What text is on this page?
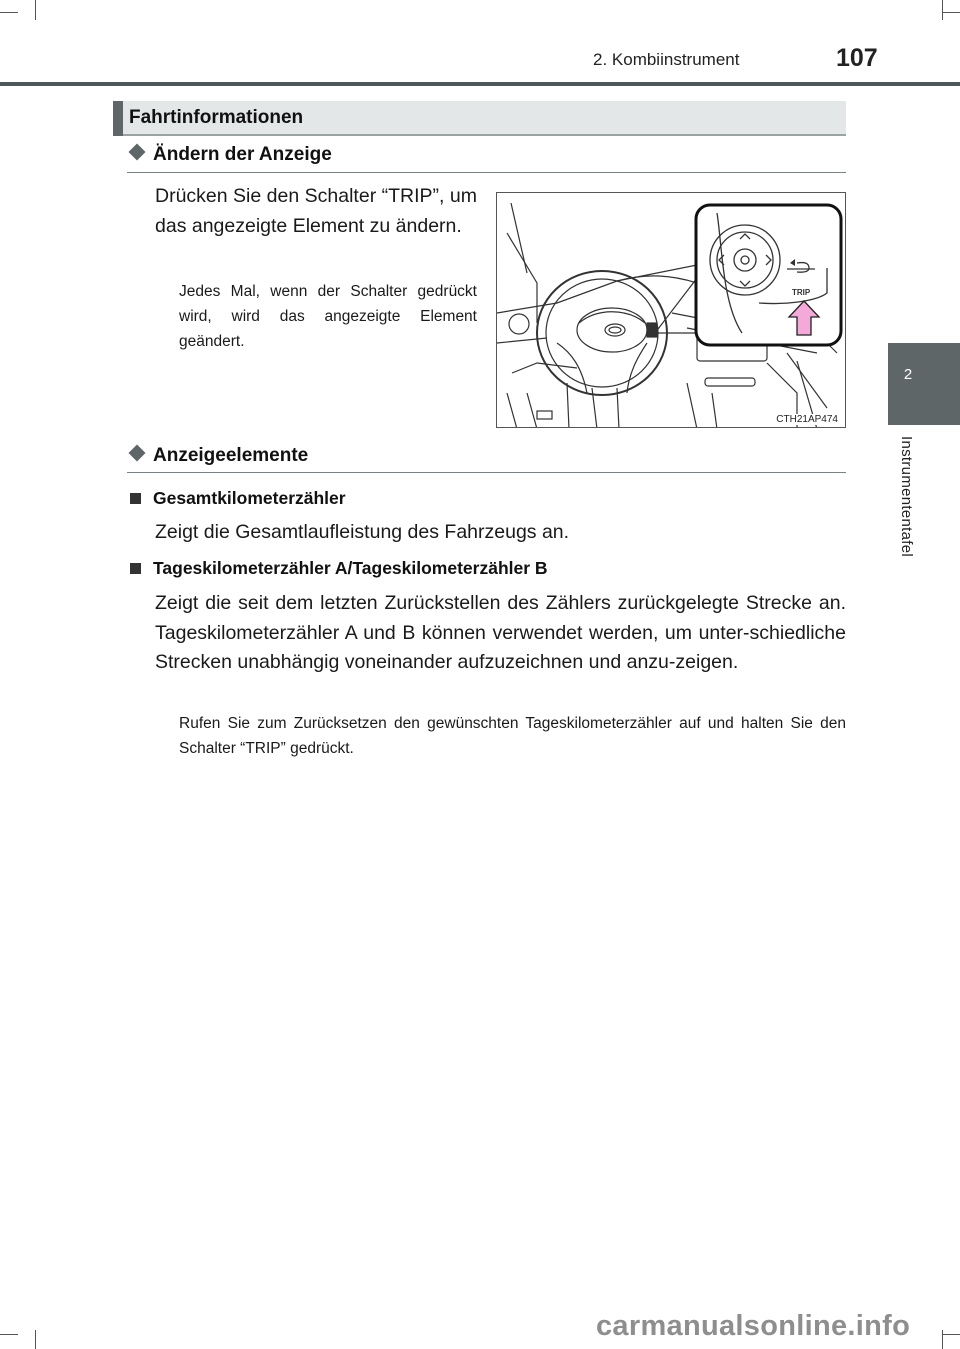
2. Kombiinstrument	107
2
Instrumententafel
Fahrtinformationen
Ändern der Anzeige
Drücken Sie den Schalter “TRIP”, um das angezeigte Element zu ändern.
Jedes Mal, wenn der Schalter gedrückt wird, wird das angezeigte Element geändert.
TRIP
CTH21AP474
Anzeigeelemente
Gesamtkilometerzähler
Zeigt die Gesamtlaufleistung des Fahrzeugs an.
Tageskilometerzähler A/Tageskilometerzähler B
Zeigt die seit dem letzten Zurückstellen des Zählers zurückgelegte Strecke an. Tageskilometerzähler A und B können verwendet werden, um unter-schiedliche Strecken unabhängig voneinander aufzuzeichnen und anzu-zeigen.
Rufen Sie zum Zurücksetzen den gewünschten Tageskilometerzähler auf und halten Sie den Schalter “TRIP” gedrückt.
carmanualsonline.info
